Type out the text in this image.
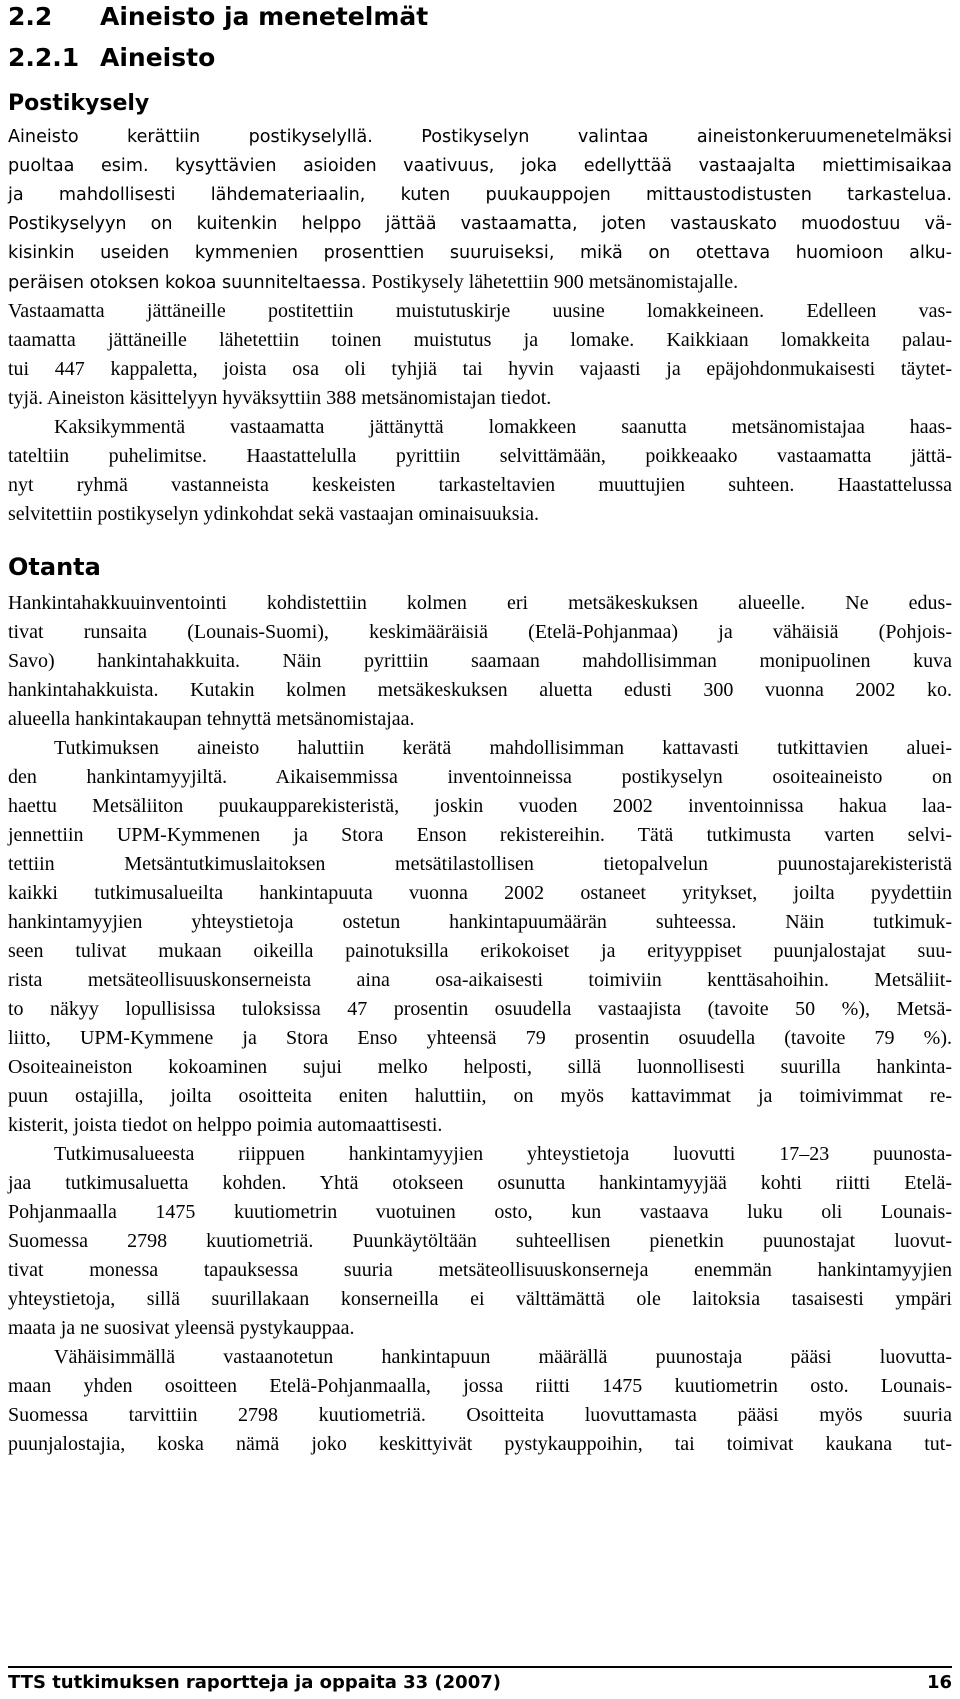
2.2 Aineisto ja menetelmät
2.2.1 Aineisto
Postikysely
Aineisto kerättiin postikyselyllä. Postikyselyn valintaa aineistonkeruumenetelmäksi
puoltaa esim. kysyttävien asioiden vaativuus, joka edellyttää vastaajalta miettimisaikaa
ja mahdollisesti lähdemateriaalin, kuten puukauppojen mittaustodistusten tarkastelua.
Postikyselyyn on kuitenkin helppo jättää vastaamatta, joten vastauskato muodostuu vä-
kisinkin useiden kymmenien prosenttien suuruiseksi, mikä on otettava huomioon alku-
peräisen otoksen kokoa suunniteltaessa. Postikysely lähetettiin 900 metsänomistajalle.
Vastaamatta jättäneille postitettiin muistutuskirje uusine lomakkeineen. Edelleen vas-
taamatta jättäneille lähetettiin toinen muistutus ja lomake. Kaikkiaan lomakkeita palau-
tui 447 kappaletta, joista osa oli tyhjiä tai hyvin vajaasti ja epäjohdonmukaisesti täytet-
tyjä. Aineiston käsittelyyn hyväksyttiin 388 metsänomistajan tiedot.
Kaksikymmentä vastaamatta jättänyttä lomakkeen saanutta metsänomistajaa haas-
tateltiin puhelimitse. Haastattelulla pyrittiin selvittämään, poikkeaako vastaamatta jättä-
nyt ryhmä vastanneista keskeisten tarkasteltavien muuttujien suhteen. Haastattelussa
selvitettiin postikyselyn ydinkohdat sekä vastaajan ominaisuuksia.
Otanta
Hankintahakkuuinventointi kohdistettiin kolmen eri metsäkeskuksen alueelle. Ne edus-
tivat runsaita (Lounais-Suomi), keskimääräisiä (Etelä-Pohjanmaa) ja vähäisiä (Pohjois-
Savo) hankintahakkuita. Näin pyrittiin saamaan mahdollisimman monipuolinen kuva
hankintahakkuista. Kutakin kolmen metsäkeskuksen aluetta edusti 300 vuonna 2002 ko.
alueella hankintakaupan tehnyttä metsänomistajaa.
Tutkimuksen aineisto haluttiin kerätä mahdollisimman kattavasti tutkittavien aluei-
den hankintamyyjiltä. Aikaisemmissa inventoinneissa postikyselyn osoiteaineisto on
haettu Metsäliiton puukaupparekisteristä, joskin vuoden 2002 inventoinnissa hakua laa-
jennettiin UPM-Kymmenen ja Stora Enson rekistereihin. Tätä tutkimusta varten selvi-
tettiin Metsäntutkimuslaitoksen metsätilastollisen tietopalvelun puunostajarekisteristä
kaikki tutkimusalueilta hankintapuuta vuonna 2002 ostaneet yritykset, joilta pyydettiin
hankintamyyjien yhteystietoja ostetun hankintapuumäärän suhteessa. Näin tutkimuk-
seen tulivat mukaan oikeilla painotuksilla erikokoiset ja erityyppiset puunjalostajat suu-
rista metsäteollisuuskonserneista aina osa-aikaisesti toimiviin kenttäsahoihin. Metsäliit-
to näkyy lopullisissa tuloksissa 47 prosentin osuudella vastaajista (tavoite 50 %), Metsä-
liitto, UPM-Kymmene ja Stora Enso yhteensä 79 prosentin osuudella (tavoite 79 %).
Osoiteaineiston kokoaminen sujui melko helposti, sillä luonnollisesti suurilla hankinta-
puun ostajilla, joilta osoitteita eniten haluttiin, on myös kattavimmat ja toimivimmat re-
kisterit, joista tiedot on helppo poimia automaattisesti.
Tutkimusalueesta riippuen hankintamyyjien yhteystietoja luovutti 17–23 puunosta-
jaa tutkimusaluetta kohden. Yhtä otokseen osunutta hankintamyyjää kohti riitti Etelä-
Pohjanmaalla 1475 kuutiometrin vuotuinen osto, kun vastaava luku oli Lounais-
Suomessa 2798 kuutiometriä. Puunkäytöltään suhteellisen pienetkin puunostajat luovut-
tivat monessa tapauksessa suuria metsäteollisuuskonserneja enemmän hankintamyyjien
yhteystietoja, sillä suurillakaan konserneilla ei välttämättä ole laitoksia tasaisesti ympäri
maata ja ne suosivat yleensä pystykauppaa.
Vähäisimmällä vastaanotetun hankintapuun määrällä puunostaja pääsi luovutta-
maan yhden osoitteen Etelä-Pohjanmaalla, jossa riitti 1475 kuutiometrin osto. Lounais-
Suomessa tarvittiin 2798 kuutiometriä. Osoitteita luovuttamasta pääsi myös suuria
puunjalostajia, koska nämä joko keskittyivät pystykauppoihin, tai toimivat kaukana tut-
TTS tutkimuksen raportteja ja oppaita 33 (2007)	16
